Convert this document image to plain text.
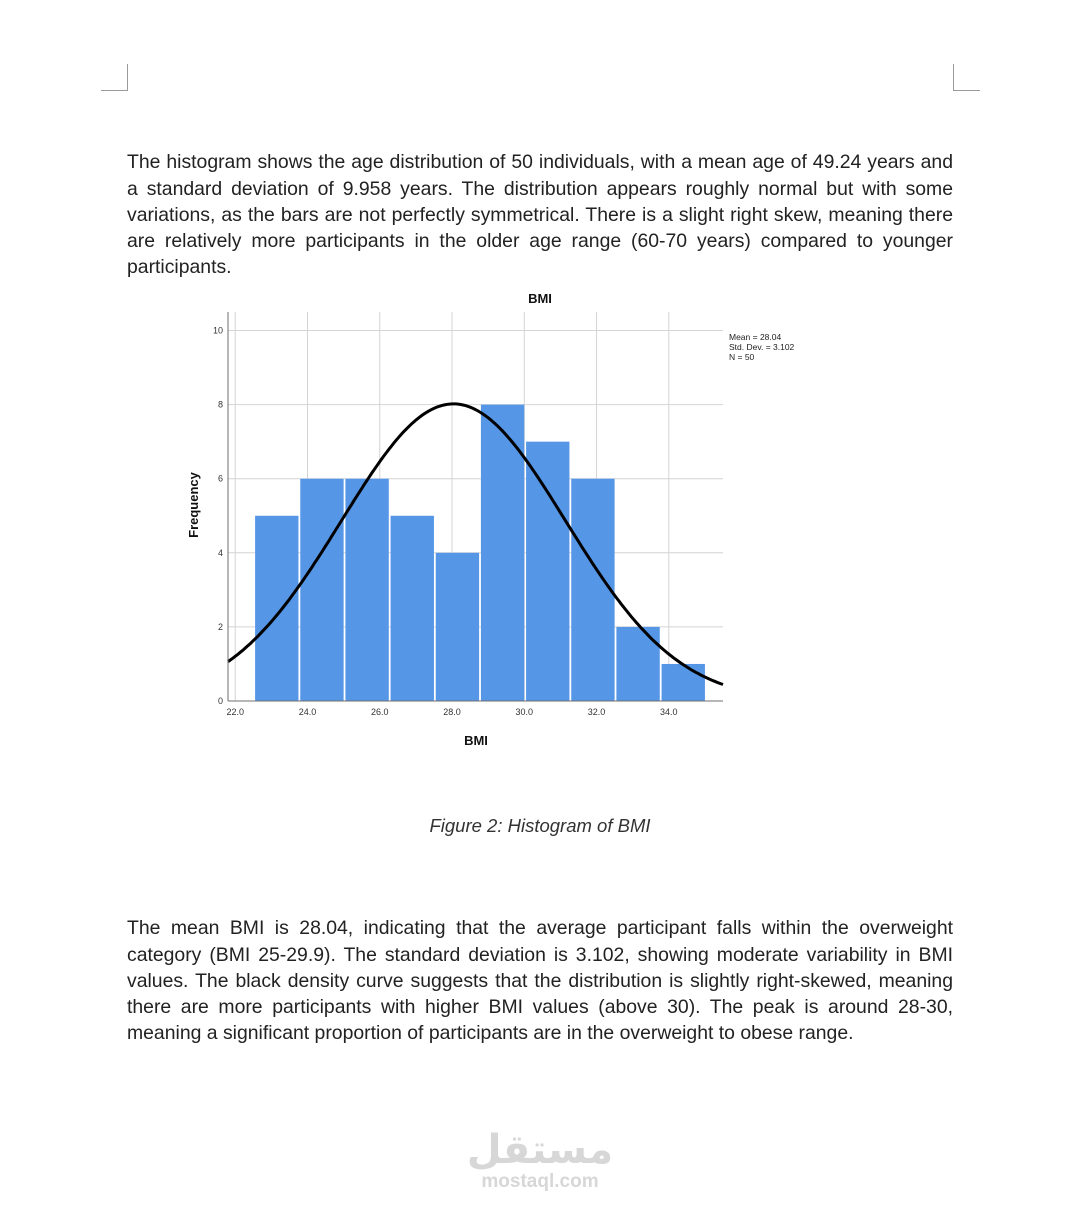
The histogram shows the age distribution of 50 individuals, with a mean age of 49.24 years and a standard deviation of 9.958 years. The distribution appears roughly normal but with some variations, as the bars are not perfectly symmetrical. There is a slight right skew, meaning there are relatively more participants in the older age range (60-70 years) compared to younger participants.

22.0	24.0	26.0	28.0	30.0	32.0	34.0
0
2
4
6
8
10
BMI
BMI
Frequency
Mean = 28.04
Std. Dev. = 3.102
N = 50
Figure 2: Histogram of BMI

The mean BMI is 28.04, indicating that the average participant falls within the overweight category (BMI 25-29.9). The standard deviation is 3.102, showing moderate variability in BMI values. The black density curve suggests that the distribution is slightly right-skewed, meaning there are more participants with higher BMI values (above 30). The peak is around 28-30, meaning a significant proportion of participants are in the overweight to obese range.

مستقل
mostaql.com
